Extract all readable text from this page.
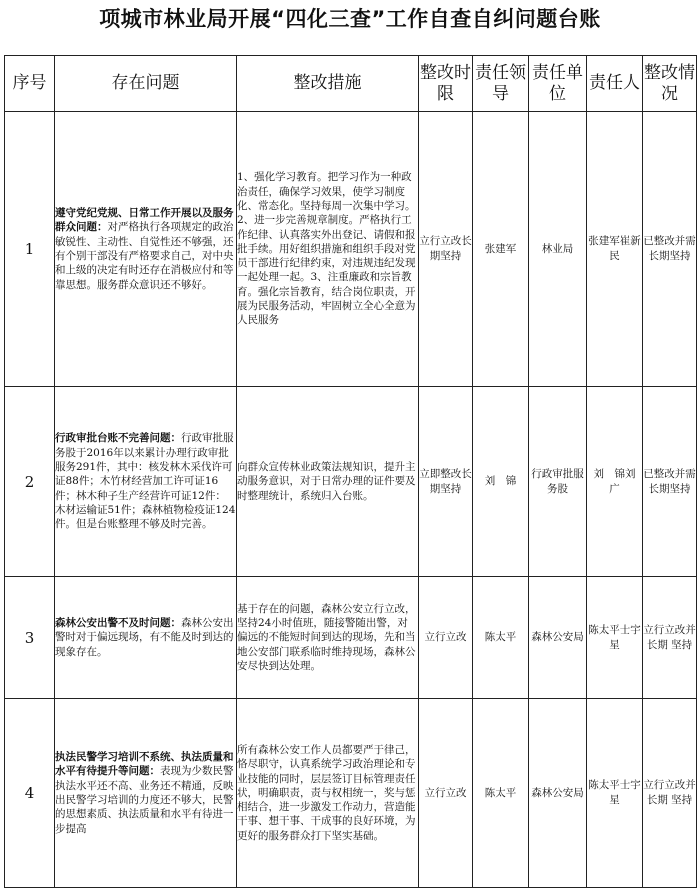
项城市林业局开展“四化三查”工作自查自纠问题台账
序号	存在问题	整改措施	整改时限	责任领导	责任单位	责任人	整改情况
1	遵守党纪党规、日常工作开展以及服务群众问题：对严格执行各项规定的政治敏锐性、主动性、自觉性还不够强，还有个别干部没有严格要求自己，对中央和上级的决定有时还存在消极应付和等靠思想。服务群众意识还不够好。	1、强化学习教育。把学习作为一种政治责任，确保学习效果，使学习制度化、常态化。坚持每周一次集中学习。2、进一步完善规章制度。严格执行工作纪律、认真落实外出登记、请假和报批手续。用好组织措施和组织手段对党员干部进行纪律约束，对违规违纪发现一起处理一起。3、注重廉政和宗旨教育。强化宗旨教育，结合岗位职责，开展为民服务活动，牢固树立全心全意为人民服务	立行立改长期坚持	张建军	林业局	张建军崔新民	已整改并需长期坚持
2	行政审批台账不完善问题：行政审批服务股于2016年以来累计办理行政审批服务291件，其中：核发林木采伐许可证88件；木竹材经营加工许可证16件；林木种子生产经营许可证12件：木材运输证51件；森林植物检疫证124件。但是台账整理不够及时完善。	向群众宣传林业政策法规知识，提升主动服务意识，对于日常办理的证件要及时整理统计，系统归入台账。	立即整改长期坚持	刘　锦	行政审批服务股	刘　锦刘　广	已整改并需长期坚持
3	森林公安出警不及时问题：森林公安出警时对于偏远现场，有不能及时到达的现象存在。	基于存在的问题，森林公安立行立改，坚持24小时值班，随接警随出警，对偏远的不能短时间到达的现场，先和当地公安部门联系临时维持现场，森林公安尽快到达处理。	立行立改	陈太平	森林公安局	陈太平士宇星	立行立改并长期 坚持
4	执法民警学习培训不系统、执法质量和水平有待提升等问题：表现为少数民警执法水平还不高、业务还不精通，反映出民警学习培训的力度还不够大，民警的思想素质、执法质量和水平有待进一步提高	所有森林公安工作人员都要严于律己，恪尽职守，认真系统学习政治理论和专业技能的同时，层层签订目标管理责任状，明确职责，责与权相统一，奖与惩相结合，进一步激发工作动力，营造能干事、想干事、干成事的良好环境，为更好的服务群众打下坚实基础。	立行立改	陈太平	森林公安局	陈太平士宇星	立行立改并长期 坚持
